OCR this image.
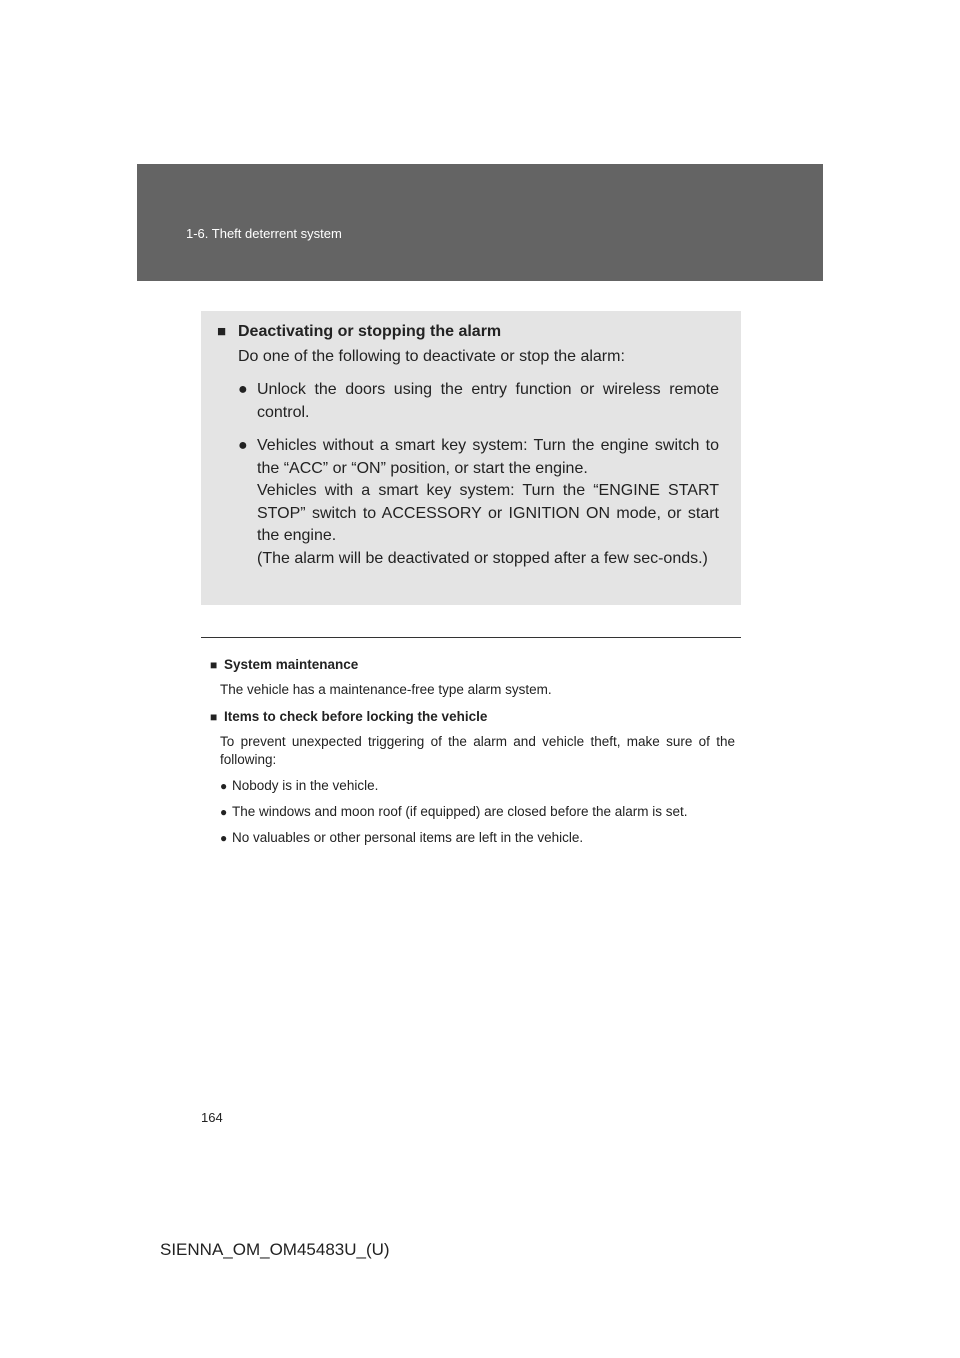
1-6. Theft deterrent system
■ Deactivating or stopping the alarm
Do one of the following to deactivate or stop the alarm:
● Unlock the doors using the entry function or wireless remote control.

● Vehicles without a smart key system: Turn the engine switch to the “ACC” or “ON” position, or start the engine.

Vehicles with a smart key system: Turn the “ENGINE START STOP” switch to ACCESSORY or IGNITION ON mode, or start the engine.

(The alarm will be deactivated or stopped after a few sec-onds.)

■ System maintenance
The vehicle has a maintenance-free type alarm system.
■ Items to check before locking the vehicle
To prevent unexpected triggering of the alarm and vehicle theft, make sure of the following:
● Nobody is in the vehicle.
● The windows and moon roof (if equipped) are closed before the alarm is set.
● No valuables or other personal items are left in the vehicle.
164
SIENNA_OM_OM45483U_(U)
